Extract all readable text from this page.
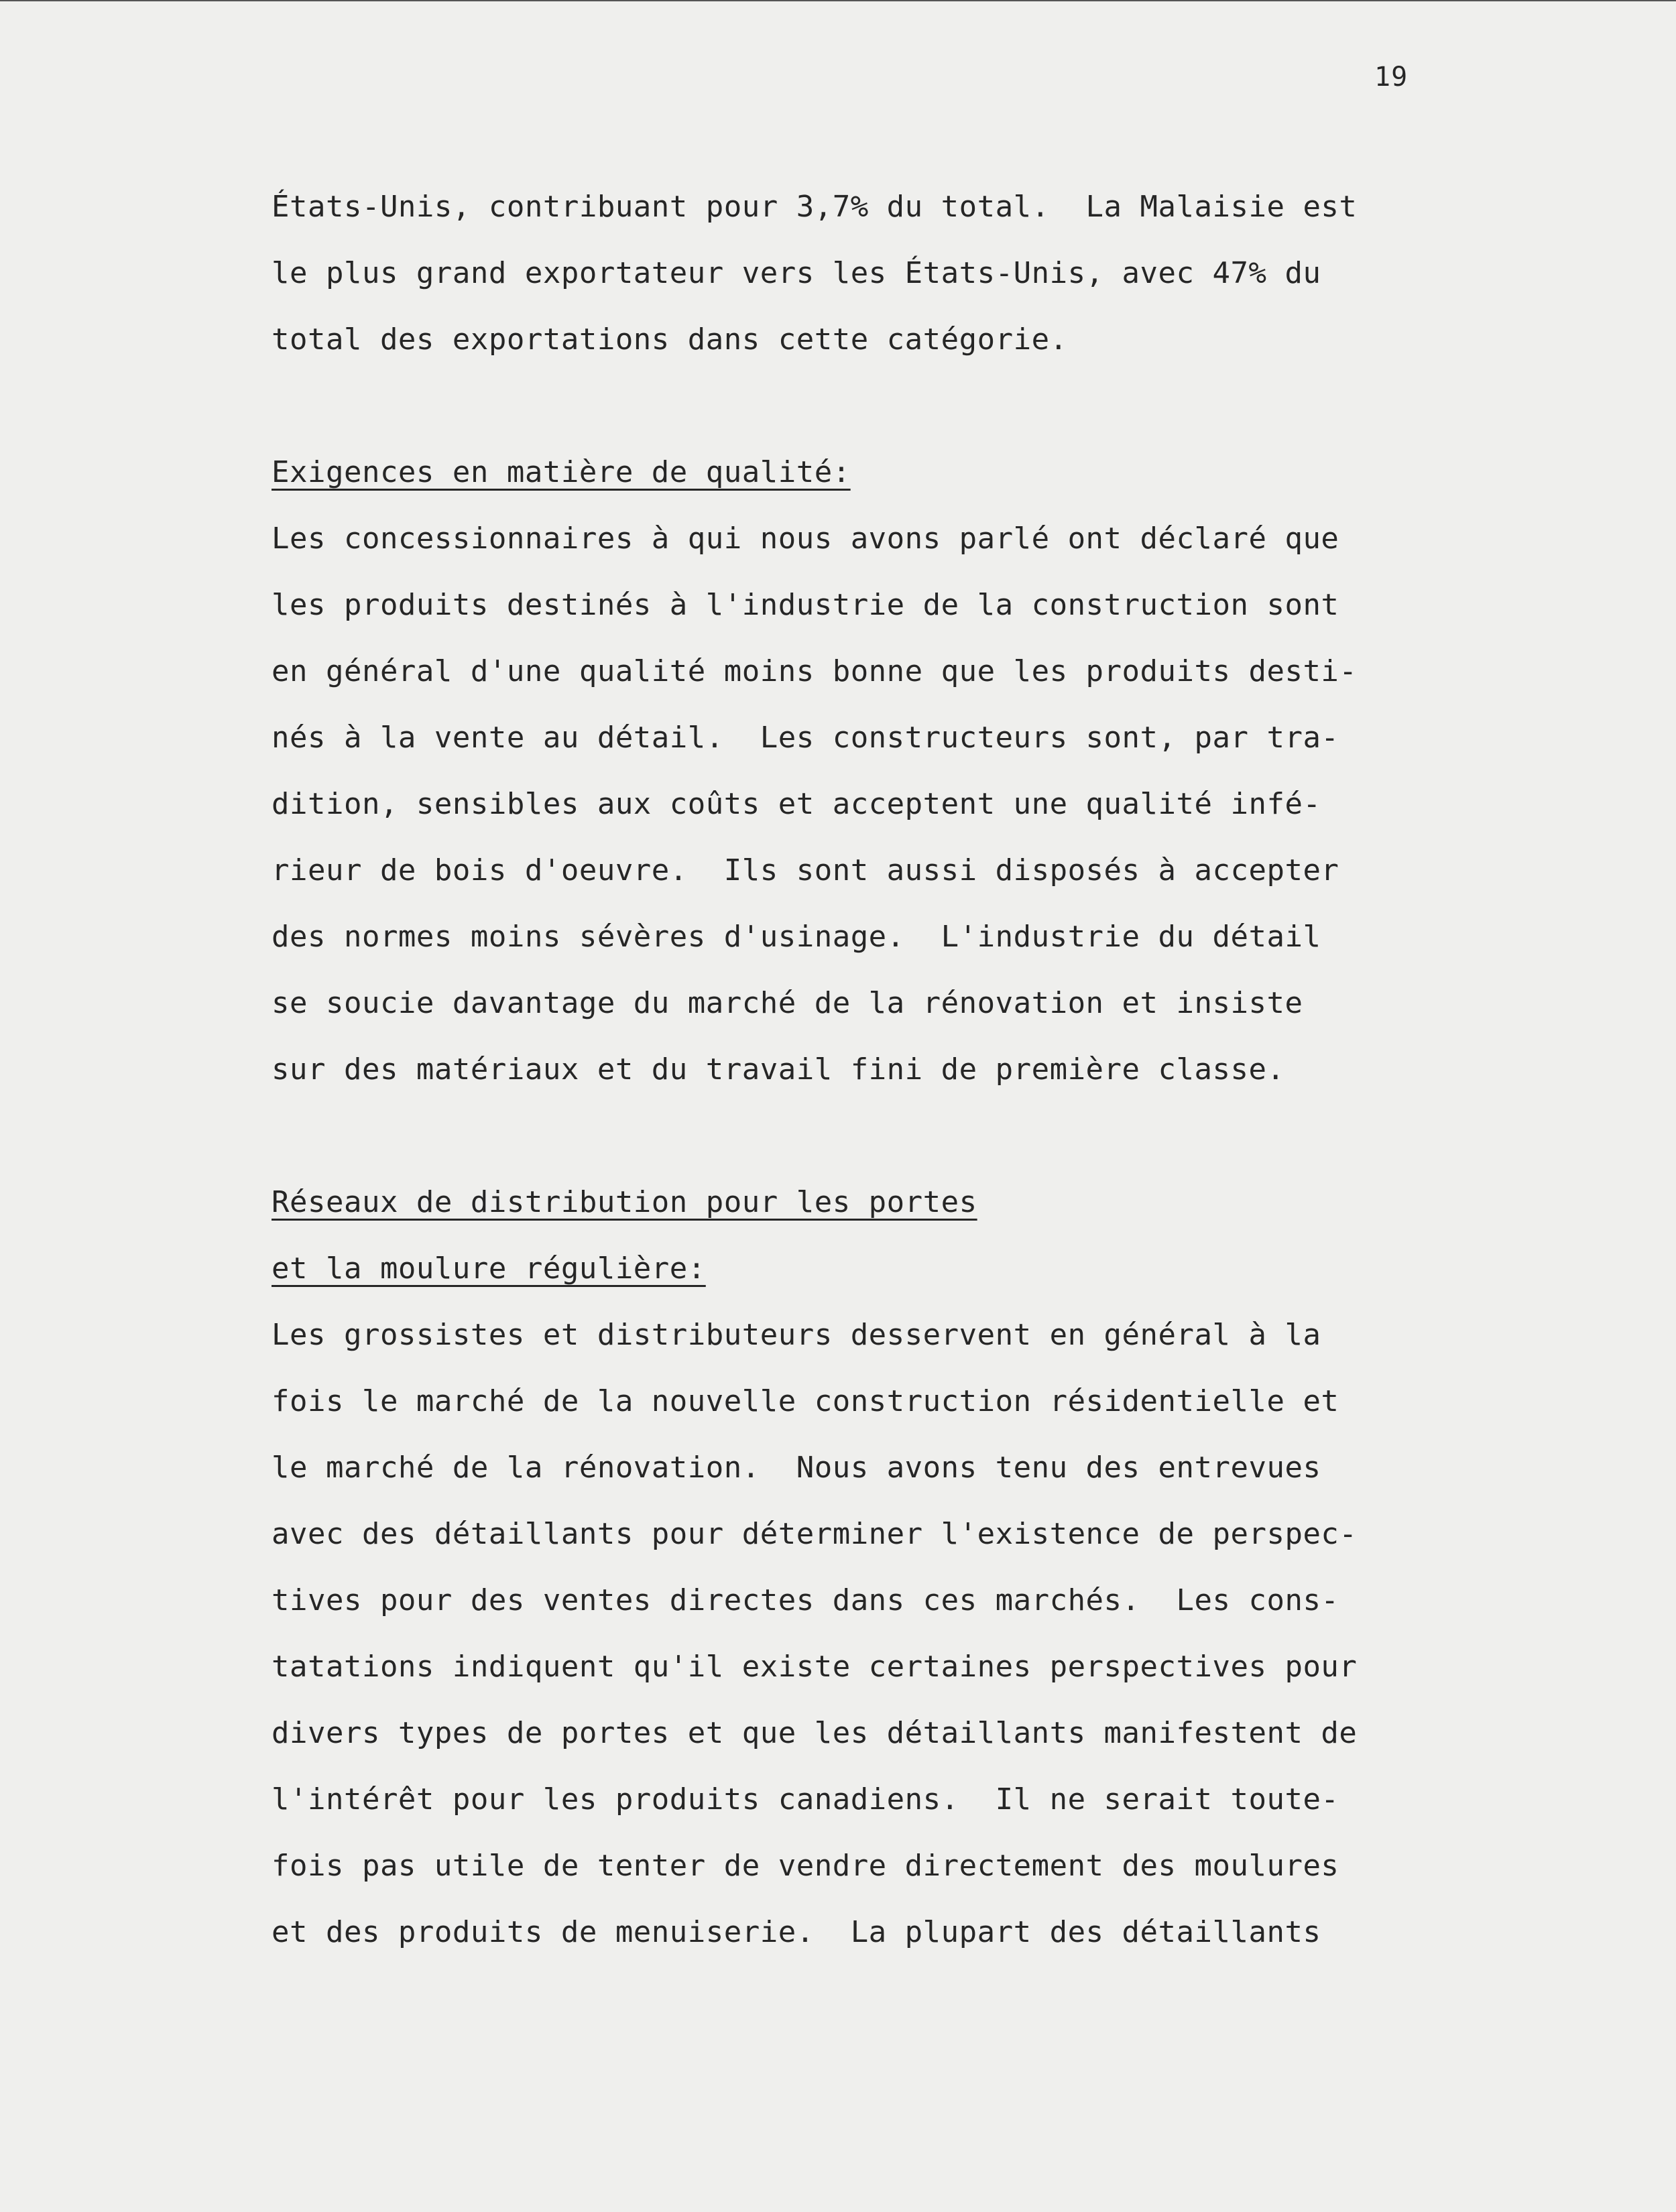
19
États-Unis, contribuant pour 3,7% du total.  La Malaisie est
le plus grand exportateur vers les États-Unis, avec 47% du
total des exportations dans cette catégorie.
Exigences en matière de qualité:
Les concessionnaires à qui nous avons parlé ont déclaré que
les produits destinés à l'industrie de la construction sont
en général d'une qualité moins bonne que les produits desti-
nés à la vente au détail.  Les constructeurs sont, par tra-
dition, sensibles aux coûts et acceptent une qualité infé-
rieur de bois d'oeuvre.  Ils sont aussi disposés à accepter
des normes moins sévères d'usinage.  L'industrie du détail
se soucie davantage du marché de la rénovation et insiste
sur des matériaux et du travail fini de première classe.
Réseaux de distribution pour les portes
et la moulure régulière:
Les grossistes et distributeurs desservent en général à la
fois le marché de la nouvelle construction résidentielle et
le marché de la rénovation.  Nous avons tenu des entrevues
avec des détaillants pour déterminer l'existence de perspec-
tives pour des ventes directes dans ces marchés.  Les cons-
tatations indiquent qu'il existe certaines perspectives pour
divers types de portes et que les détaillants manifestent de
l'intérêt pour les produits canadiens.  Il ne serait toute-
fois pas utile de tenter de vendre directement des moulures
et des produits de menuiserie.  La plupart des détaillants
